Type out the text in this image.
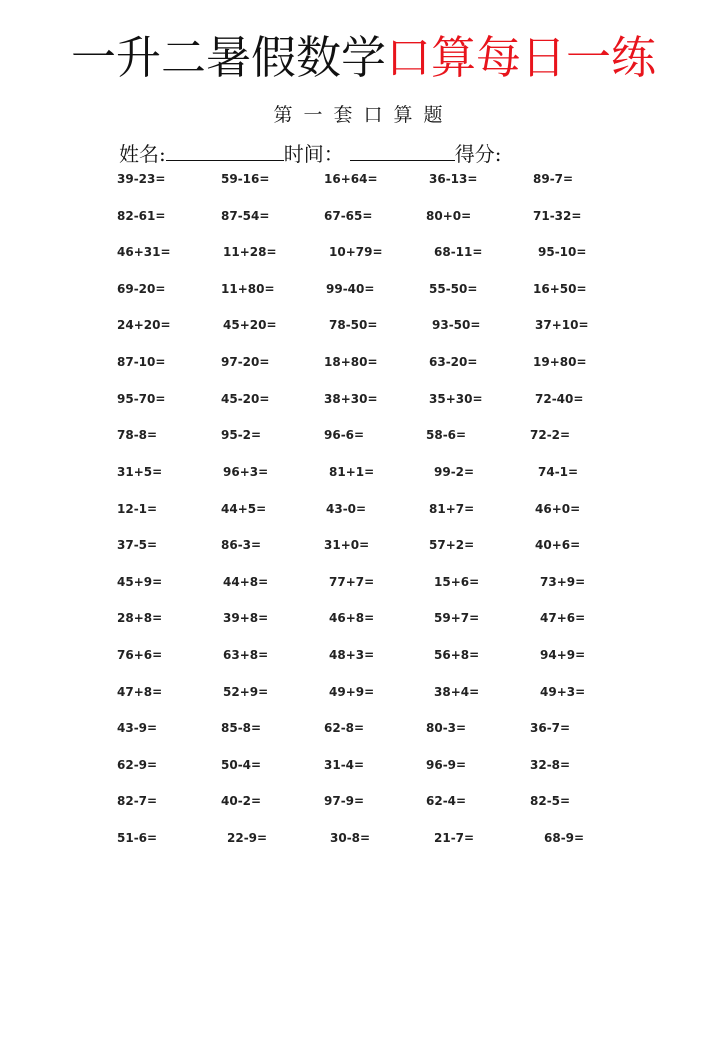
一升二暑假数学口算每日一练
第一套口算题
姓名:	时间：	得分:
39-23=	59-16=	16+64=	36-13=	89-7=
82-61=	87-54=	67-65=	80+0=	71-32=
46+31=	11+28=	10+79=	68-11=	95-10=
69-20=	11+80=	99-40=	55-50=	16+50=
24+20=	45+20=	78-50=	93-50=	37+10=
87-10=	97-20=	18+80=	63-20=	19+80=
95-70=	45-20=	38+30=	35+30=	72-40=
78-8=	95-2=	96-6=	58-6=	72-2=
31+5=	96+3=	81+1=	99-2=	74-1=
12-1=	44+5=	43-0=	81+7=	46+0=
37-5=	86-3=	31+0=	57+2=	40+6=
45+9=	44+8=	77+7=	15+6=	73+9=
28+8=	39+8=	46+8=	59+7=	47+6=
76+6=	63+8=	48+3=	56+8=	94+9=
47+8=	52+9=	49+9=	38+4=	49+3=
43-9=	85-8=	62-8=	80-3=	36-7=
62-9=	50-4=	31-4=	96-9=	32-8=
82-7=	40-2=	97-9=	62-4=	82-5=
51-6=	22-9=	30-8=	21-7=	68-9=
